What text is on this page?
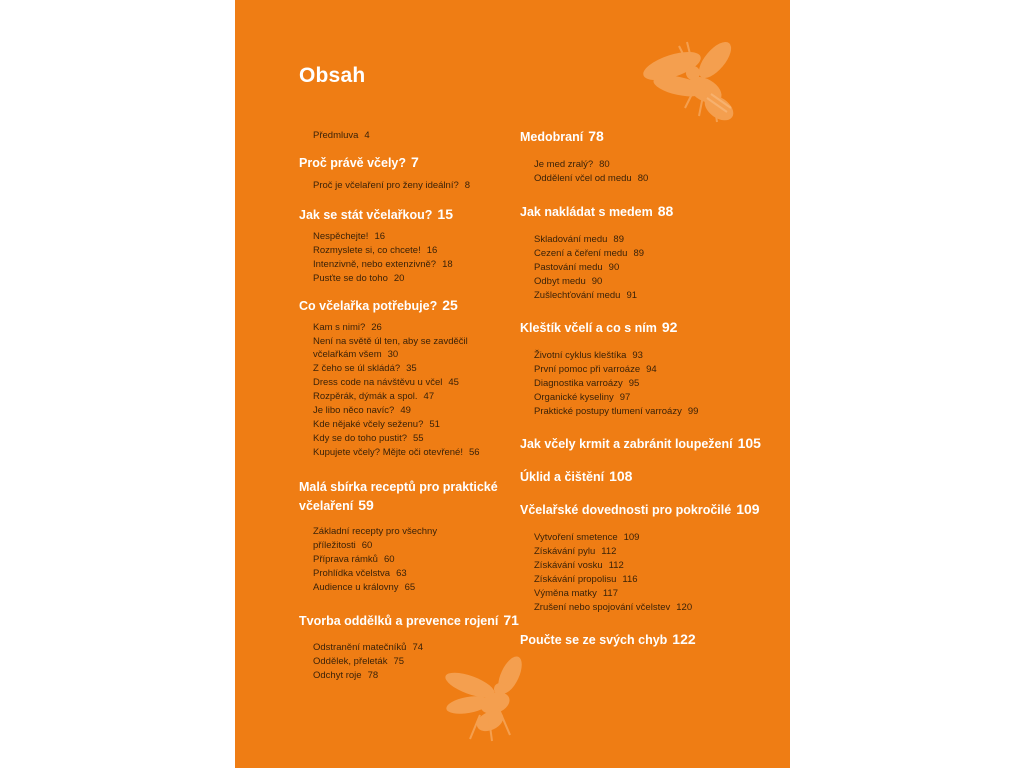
Obsah
Předmluva 4
Proč právě včely? 7
Proč je včelaření pro ženy ideální? 8
Jak se stát včelařkou? 15
Nespěchejte! 16
Rozmyslete si, co chcete! 16
Intenzivně, nebo extenzivně? 18
Pusťte se do toho 20
Co včelařka potřebuje? 25
Kam s nimi? 26
Není na světě úl ten, aby se zavděčil
včelařkám všem 30
Z čeho se úl skládá? 35
Dress code na návštěvu u včel 45
Rozpěrák, dýmák a spol. 47
Je libo něco navíc? 49
Kde nějaké včely seženu? 51
Kdy se do toho pustit? 55
Kupujete včely? Mějte oči otevřené! 56
Malá sbírka receptů pro praktické
včelaření 59
Základní recepty pro všechny
příležitosti 60
Příprava rámků 60
Prohlídka včelstva 63
Audience u královny 65
Tvorba oddělků a prevence rojení 71
Odstranění matečníků 74
Oddělek, přeleták 75
Odchyt roje 78
Medobraní 78
Je med zralý? 80
Oddělení včel od medu 80
Jak nakládat s medem 88
Skladování medu 89
Cezení a čeření medu 89
Pastování medu 90
Odbyt medu 90
Zušlechťování medu 91
Kleštík včelí a co s ním 92
Životní cyklus kleštíka 93
První pomoc při varroáze 94
Diagnostika varroázy 95
Organické kyseliny 97
Praktické postupy tlumení varroázy 99
Jak včely krmit a zabránit loupežení 105
Úklid a čištění 108
Včelařské dovednosti pro pokročilé 109
Vytvoření smetence 109
Získávání pylu 112
Získávání vosku 112
Získávání propolisu 116
Výměna matky 117
Zrušení nebo spojování včelstev 120
Poučte se ze svých chyb 122
